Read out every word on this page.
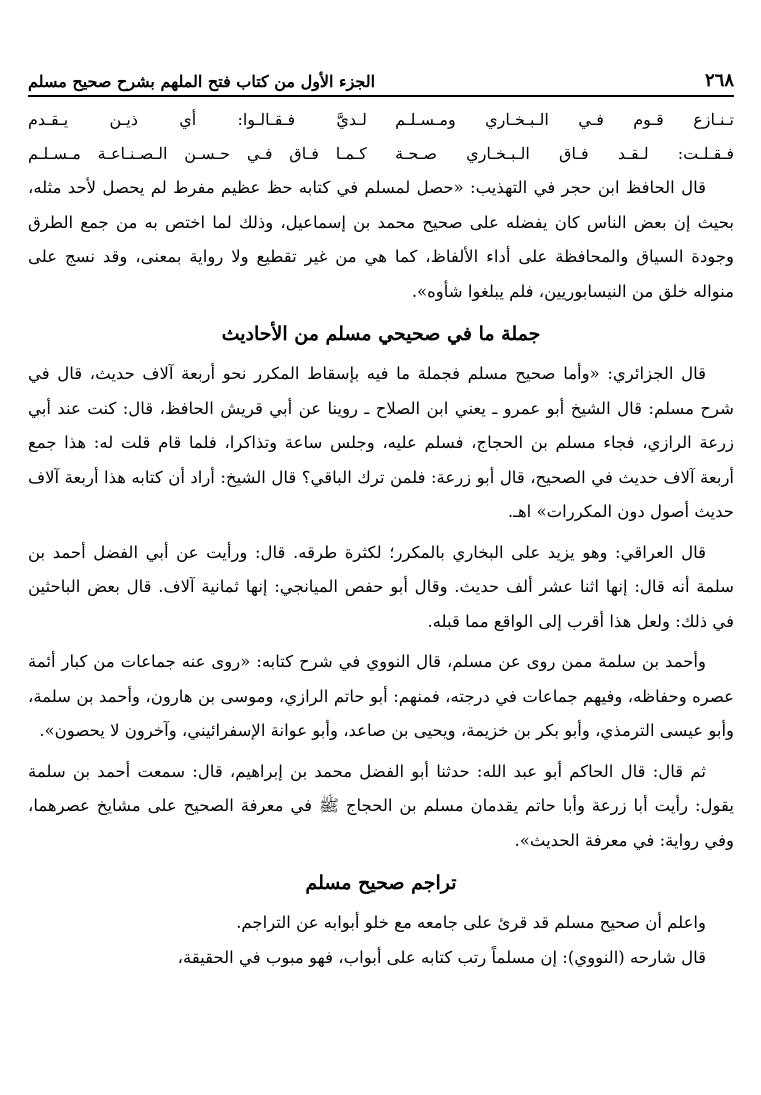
٢٦٨
الجزء الأول من كتاب فتح الملهم بشرح صحيح مسلم
تـنـازع قـوم فـي الـبـخـاري ومـسـلـم
لـديَّ فـقـالـوا: أي ذيـن يـقـدم
فـقـلـت: لـقـد فـاق الـبـخـاري صـحـة
كـمـا فـاق فـي حـسـن الـصـنـاعـة مـسـلـم

قال الحافظ ابن حجر في التهذيب: «حصل لمسلم في كتابه حظ عظيم مفرط لم يحصل لأحد مثله، بحيث إن بعض الناس كان يفضله على صحيح محمد بن إسماعيل، وذلك لما اختص به من جمع الطرق وجودة السياق والمحافظة على أداء الألفاظ، كما هي من غير تقطيع ولا رواية بمعنى، وقد نسج على منواله خلق من النيسابوريين، فلم يبلغوا شأوه».

جملة ما في صحيحي مسلم من الأحاديث

قال الجزائري: «وأما صحيح مسلم فجملة ما فيه بإسقاط المكرر نحو أربعة آلاف حديث، قال في شرح مسلم: قال الشيخ أبو عمرو ـ يعني ابن الصلاح ـ روينا عن أبي قريش الحافظ، قال: كنت عند أبي زرعة الرازي، فجاء مسلم بن الحجاج، فسلم عليه، وجلس ساعة وتذاكرا، فلما قام قلت له: هذا جمع أربعة آلاف حديث في الصحيح، قال أبو زرعة: فلمن ترك الباقي؟ قال الشيخ: أراد أن كتابه هذا أربعة آلاف حديث أصول دون المكررات» اهـ.

قال العراقي: وهو يزيد على البخاري بالمكرر؛ لكثرة طرقه. قال: ورأيت عن أبي الفضل أحمد بن سلمة أنه قال: إنها اثنا عشر ألف حديث. وقال أبو حفص الميانجي: إنها ثمانية آلاف. قال بعض الباحثين في ذلك: ولعل هذا أقرب إلى الواقع مما قبله.

وأحمد بن سلمة ممن روى عن مسلم، قال النووي في شرح كتابه: «روى عنه جماعات من كبار أئمة عصره وحفاظه، وفيهم جماعات في درجته، فمنهم: أبو حاتم الرازي، وموسى بن هارون، وأحمد بن سلمة، وأبو عيسى الترمذي، وأبو بكر بن خزيمة، ويحيى بن صاعد، وأبو عوانة الإسفرائيني، وآخرون لا يحصون».

ثم قال: قال الحاكم أبو عبد الله: حدثنا أبو الفضل محمد بن إبراهيم، قال: سمعت أحمد بن سلمة يقول: رأيت أبا زرعة وأبا حاتم يقدمان مسلم بن الحجاج ﷺ في معرفة الصحيح على مشايخ عصرهما، وفي رواية: في معرفة الحديث».

تراجم صحيح مسلم

واعلم أن صحيح مسلم قد قرئ على جامعه مع خلو أبوابه عن التراجم.

قال شارحه (النووي): إن مسلماً رتب كتابه على أبواب، فهو مبوب في الحقيقة،
